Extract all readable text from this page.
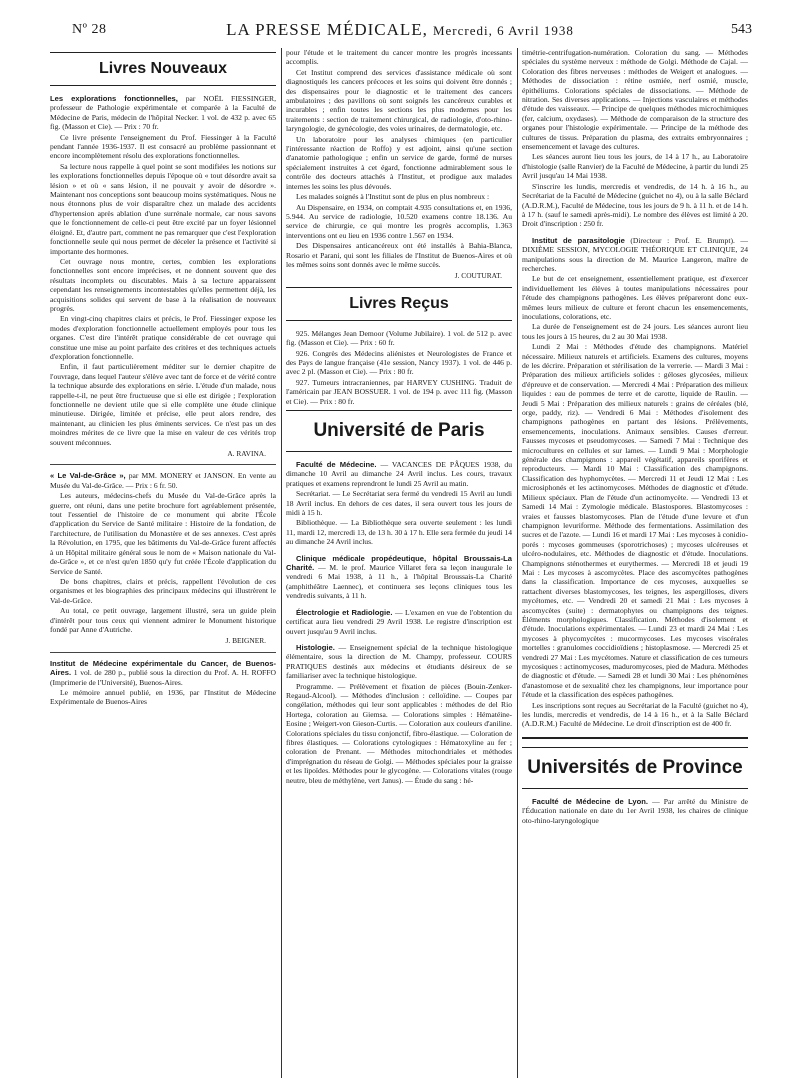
Nº 28	LA PRESSE MÉDICALE, Mercredi, 6 Avril 1938	543
Livres Nouveaux

Les explorations fonctionnelles, par NOËL FIESSINGER, professeur de Pathologie expérimentale et comparée à la Faculté de Médecine de Paris, médecin de l'hôpital Necker. 1 vol. de 432 p. avec 65 fig. (Masson et Cie). — Prix : 70 fr.

Ce livre présente l'enseignement du Prof. Fiessinger à la Faculté pendant l'année 1936-1937. Il est consacré au problème passionnant et encore incomplètement résolu des explorations fonctionnelles.

Sa lecture nous rappelle à quel point se sont modifiées les notions sur les explorations fonctionnelles depuis l'époque où « tout désordre avait sa lésion » et où « sans lésion, il ne pouvait y avoir de désordre ». Maintenant nos conceptions sont beaucoup moins systématiques. Nous ne nous étonnons plus de voir disparaître chez un malade des accidents d'hypertension après ablation d'une surrénale normale, car nous savons que le fonctionnement de celle-ci peut être excité par un foyer lésionnel éloigné. Et, d'autre part, comment ne pas remarquer que c'est l'exploration fonctionnelle seule qui nous permet de déceler la présence et l'activité si importante des hormones.

Cet ouvrage nous montre, certes, combien les explorations fonctionnelles sont encore imprécises, et ne donnent souvent que des résultats incomplets ou discutables. Mais à sa lecture apparaissent cependant les renseignements incontestables qu'elles permettent déjà, les acquisitions solides qui servent de base à la réalisation de nouveaux progrès.

En vingt-cinq chapitres clairs et précis, le Prof. Fiessinger expose les modes d'exploration fonctionnelle actuellement employés pour tous les organes. C'est dire l'intérêt pratique considérable de cet ouvrage qui constitue une mise au point parfaite des critères et des techniques actuels d'exploration fonctionnelle.

Enfin, il faut particulièrement méditer sur le dernier chapitre de l'ouvrage, dans lequel l'auteur s'élève avec tant de force et de vérité contre la technique absurde des explorations en série. L'étude d'un malade, nous rappelle-t-il, ne peut être fructueuse que si elle est dirigée ; l'exploration fonctionnelle ne devient utile que si elle complète une étude clinique minutieuse. Dirigée, limitée et précise, elle peut alors rendre, des maintenant, au clinicien les plus éminents services. Ce n'est pas un des moindres mérites de ce livre que la mise en valeur de ces vérités trop souvent méconnues.

A. RAVINA.

« Le Val-de-Grâce », par MM. MONERY et JANSON. En vente au Musée du Val-de-Grâce. — Prix : 6 fr. 50.

Les auteurs, médecins-chefs du Musée du Val-de-Grâce après la guerre, ont réuni, dans une petite brochure fort agréablement présentée, tout l'essentiel de l'histoire de ce monument qui abrite l'École d'application du Service de Santé militaire : Histoire de la fondation, de l'architecture, de l'utilisation du Monastère et de ses annexes. C'est après la Révolution, en 1795, que les bâtiments du Val-de-Grâce furent affectés à un Hôpital militaire général sous le nom de « Maison nationale du Val-de-Grâce », et ce n'est qu'en 1850 qu'y fut créée l'École d'application du Service de Santé.

De bons chapitres, clairs et précis, rappellent l'évolution de ces organismes et les biographies des principaux médecins qui illustrèrent le Val-de-Grâce.

Au total, ce petit ouvrage, largement illustré, sera un guide plein d'intérêt pour tous ceux qui viennent admirer le Monument historique fondé par Anne d'Autriche.

J. BEIGNER.

Institut de Médecine expérimentale du Cancer, de Buenos-Aires. 1 vol. de 280 p., publié sous la direction du Prof. A. H. ROFFO (Imprimerie de l'Université), Buenos-Aires.

Le mémoire annuel publié, en 1936, par l'Institut de Médecine Expérimentale de Buenos-Aires

pour l'étude et le traitement du cancer montre les progrès incessants accomplis.

Cet Institut comprend des services d'assistance médicale où sont diagnostiqués les cancers précoces et les soins qui doivent être donnés ; des dispensaires pour le diagnostic et le traitement des cancers ambulatoires ; des pavillons où sont soignés les cancéreux curables et incurables ; enfin toutes les sections les plus modernes pour les traitements : section de traitement chirurgical, de radiologie, d'oto-rhino-laryngologie, de gynécologie, des voies urinaires, de dermatologie, etc.

Un laboratoire pour les analyses chimiques (en particulier l'intéressante réaction de Roffo) y est adjoint, ainsi qu'une section d'anatomie pathologique ; enfin un service de garde, formé de nurses spécialement instruites à cet égard, fonctionne admirablement sous le contrôle des docteurs attachés à l'Institut, et prodigue aux malades internes les soins les plus dévoués.

Les malades soignés à l'Institut sont de plus en plus nombreux :

Au Dispensaire, en 1934, on comptait 4.935 consultations et, en 1936, 5.944. Au service de radiologie, 10.520 examens contre 18.136. Au service de chirurgie, ce qui montre les progrès accomplis, 1.363 interventions ont eu lieu en 1936 contre 1.567 en 1934.

Des Dispensaires anticancéreux ont été installés à Bahia-Blanca, Rosario et Parani, qui sont les filiales de l'Institut de Buenos-Aires et où les mêmes soins sont donnés avec le même succès.

J. COUTURAT.
Livres Reçus

925. Mélanges Jean Demoor (Volume Jubilaire). 1 vol. de 512 p. avec fig. (Masson et Cie). — Prix : 60 fr.

926. Congrès des Médecins aliénistes et Neurologistes de France et des Pays de langue française (41e session, Nancy 1937). 1 vol. de 446 p. avec 2 pl. (Masson et Cie). — Prix : 80 fr.

927. Tumeurs intracraniennes, par HARVEY CUSHING. Traduit de l'américain par JEAN BOSSUER. 1 vol. de 194 p. avec 111 fig. (Masson et Cie). — Prix : 80 fr.

Université de Paris

Faculté de Médecine. — VACANCES DE PÂQUES 1938, du dimanche 10 Avril au dimanche 24 Avril inclus. Les cours, travaux pratiques et examens reprendront le lundi 25 Avril au matin.

Secrétariat. — Le Secrétariat sera fermé du vendredi 15 Avril au lundi 18 Avril inclus. En dehors de ces dates, il sera ouvert tous les jours de midi à 15 h.

Bibliothèque. — La Bibliothèque sera ouverte seulement : les lundi 11, mardi 12, mercredi 13, de 13 h. 30 à 17 h. Elle sera fermée du jeudi 14 au dimanche 24 Avril inclus.

Clinique médicale propédeutique, hôpital Broussais-La Charité. — M. le prof. Maurice Villaret fera sa leçon inaugurale le vendredi 6 Mai 1938, à 11 h., à l'hôpital Broussais-La Charité (amphithéâtre Laennec), et continuera ses leçons cliniques tous les vendredis suivants, à 11 h.

Électrologie et Radiologie. — L'examen en vue de l'obtention du certificat aura lieu vendredi 29 Avril 1938. Le registre d'inscription est ouvert jusqu'au 9 Avril inclus.

Histologie. — Enseignement spécial de la technique histologique élémentaire, sous la direction de M. Champy, professeur. COURS PRATIQUES destinés aux médecins et étudiants désireux de se familiariser avec la technique histologique.

Programme. — Prélèvement et fixation de pièces (Bouin-Zenker-Regaud-Alcool). — Méthodes d'inclusion : celloïdine. — Coupes par congélation, méthodes qui leur sont applicables : méthodes de del Rio Hortega, coloration au Giemsa. — Colorations simples : Hématéine-Eosine ; Weigert-von Gieson-Curtis. — Coloration aux couleurs d'aniline. Colorations spéciales du tissu conjonctif, fibro-élastique. — Coloration de fibres élastiques. — Colorations cytologiques : Hématoxyline au fer ; coloration de Prenant. — Méthodes mitochondriales et méthodes d'imprégnation du réseau de Golgi. — Méthodes spéciales pour la graisse et les lipoïdes. Méthodes pour le glycogène. — Colorations vitales (rouge neutre, bleu de méthylène, vert Janus). — Étude du sang : hé-

timétrie-centrifugation-numération. Coloration du sang. — Méthodes spéciales du système nerveux : méthode de Golgi. Méthode de Cajal. — Coloration des fibres nerveuses : méthodes de Weigert et analogues. — Méthodes de dissociation : rétine osmiée, nerf osmié, muscle, épithéliums. Colorations spéciales de dissociations. — Méthode de nitration. Ses diverses applications. — Injections vasculaires et méthodes d'étude des vaisseaux. — Principe de quelques méthodes microchimiques (fer, calcium, oxydases). — Méthode de comparaison de la structure des organes pour l'histologie expérimentale. — Principe de la méthode des cultures de tissus. Préparation du plasma, des extraits embryonnaires ; ensemencement et lavage des cultures.

Les séances auront lieu tous les jours, de 14 à 17 h., au Laboratoire d'histologie (salle Ranvier) de la Faculté de Médecine, à partir du lundi 25 Avril jusqu'au 14 Mai 1938.

S'inscrire les lundis, mercredis et vendredis, de 14 h. à 16 h., au Secrétariat de la Faculté de Médecine (guichet no 4), ou à la salle Béclard (A.D.R.M.), Faculté de Médecine, tous les jours de 9 h. à 11 h. et de 14 h. à 17 h. (sauf le samedi après-midi). Le nombre des élèves est limité à 20. Droit d'inscription : 250 fr.

Institut de parasitologie (Directeur : Prof. E. Brumpt). — DIXIÈME SESSION, MYCOLOGIE THÉORIQUE ET CLINIQUE, 24 manipulations sous la direction de M. Maurice Langeron, maître de recherches.

Le but de cet enseignement, essentiellement pratique, est d'exercer individuellement les élèves à toutes manipulations nécessaires pour l'étude des champignons pathogènes. Les élèves prépareront donc eux-mêmes leurs milieux de culture et feront chacun les ensemencements, inoculations, colorations, etc.

La durée de l'enseignement est de 24 jours. Les séances auront lieu tous les jours à 15 heures, du 2 au 30 Mai 1938.

Lundi 2 Mai : Méthodes d'étude des champignons. Matériel nécessaire. Milieux naturels et artificiels. Examens des cultures, moyens de les décrire. Préparation et stérilisation de la verrerie. — Mardi 3 Mai : Préparation des milieux artificiels solides : géloses glycosées, milieux d'épreuve et de conservation. — Mercredi 4 Mai : Préparation des milieux liquides : eau de pommes de terre et de carotte, liquide de Raulin. — Jeudi 5 Mai : Préparation des milieux naturels : grains de céréales (blé, orge, paddy, riz). — Vendredi 6 Mai : Méthodes d'isolement des champignons pathogènes en partant des lésions. Prélèvements, ensemencements, inoculations. Animaux sensibles. Causes d'erreur. Fausses mycoses et pseudomycoses. — Samedi 7 Mai : Technique des microcultures en cellules et sur lames. — Lundi 9 Mai : Morphologie générale des champignons : appareil végétatif, appareils sporifères et reproducteurs. — Mardi 10 Mai : Classification des champignons. Classification des hyphomycètes. — Mercredi 11 et Jeudi 12 Mai : Les microsiphonés et les actinomycoses. Méthodes de diagnostic et d'étude. Milieux spéciaux. Plan de l'étude d'un actinomycète. — Vendredi 13 et Samedi 14 Mai : Zymologie médicale. Blastospores. Blastomycoses : vraies et fausses blastomycoses. Plan de l'étude d'une levure et d'un champignon levuriforme. Méthode des fermentations. Assimilation des sucres et de l'azote. — Lundi 16 et mardi 17 Mai : Les mycoses à conidio-porés : mycoses gommeuses (sporotrichoses) ; mycoses ulcéreuses et ulcéro-nodulaires, etc. Méthodes de diagnostic et d'étude. Inoculations. Champignons sténothermes et eurythermes. — Mercredi 18 et jeudi 19 Mai : Les mycoses à ascomycètes. Place des ascomycètes pathogènes dans la classification. Importance de ces mycoses, auxquelles se rattachent diverses blastomycoses, les teignes, les aspergilloses, divers mycétomes, etc. — Vendredi 20 et samedi 21 Mai : Les mycoses à ascomycètes (suite) : dermatophytes ou champignons des teignes. Éléments morphologiques. Classification. Méthodes d'isolement et d'étude. Inoculations expérimentales. — Lundi 23 et mardi 24 Mai : Les mycoses à phycomycètes : mucormycoses. Les mycoses viscérales mortelles : granulomes coccidioïdiens ; histoplasmose. — Mercredi 25 et vendredi 27 Mai : Les mycétomes. Nature et classification de ces tumeurs mycosiques : actinomycoses, maduromycoses, pied de Madura. Méthodes de diagnostic et d'étude. — Samedi 28 et lundi 30 Mai : Les phénomènes d'anastomose et de sexualité chez les champignons, leur importance pour l'étude et la classification des espèces pathogènes.

Les inscriptions sont reçues au Secrétariat de la Faculté (guichet no 4), les lundis, mercredis et vendredis, de 14 à 16 h., et à la Salle Béclard (A.D.R.M.) Faculté de Médecine. Le droit d'inscription est de 400 fr.

Universités de Province

Faculté de Médecine de Lyon. — Par arrêté du Ministre de l'Éducation nationale en date du 1er Avril 1938, les chaires de clinique oto-rhino-laryngologique
